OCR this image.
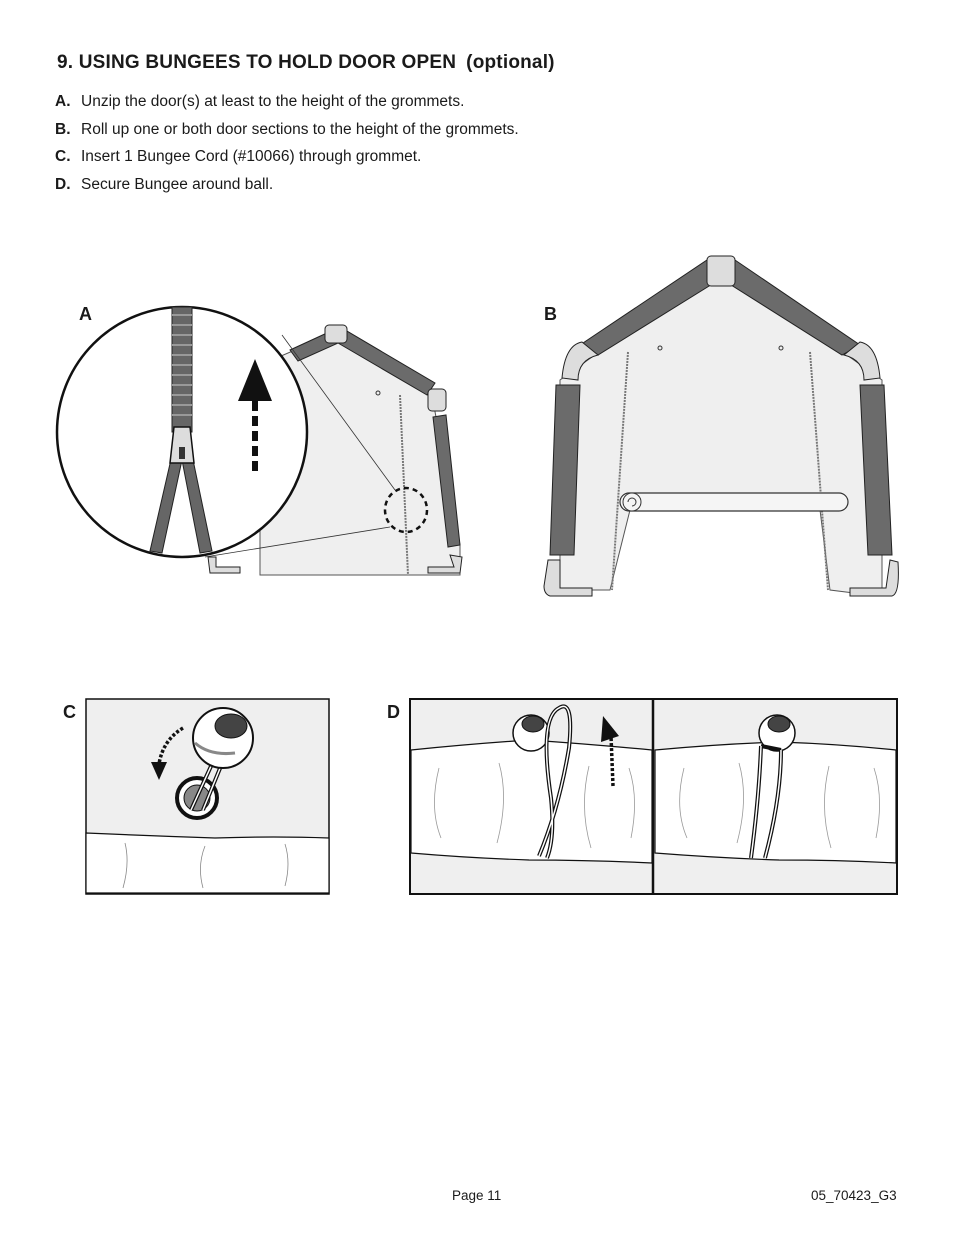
9. USING BUNGEES TO HOLD DOOR OPEN (optional)
A. Unzip the door(s) at least to the height of the grommets.
B. Roll up one or both door sections to the height of the grommets.
C. Insert 1 Bungee Cord (#10066) through grommet.
D. Secure Bungee around ball.
A	B
C	D
Page 11	05_70423_G3
